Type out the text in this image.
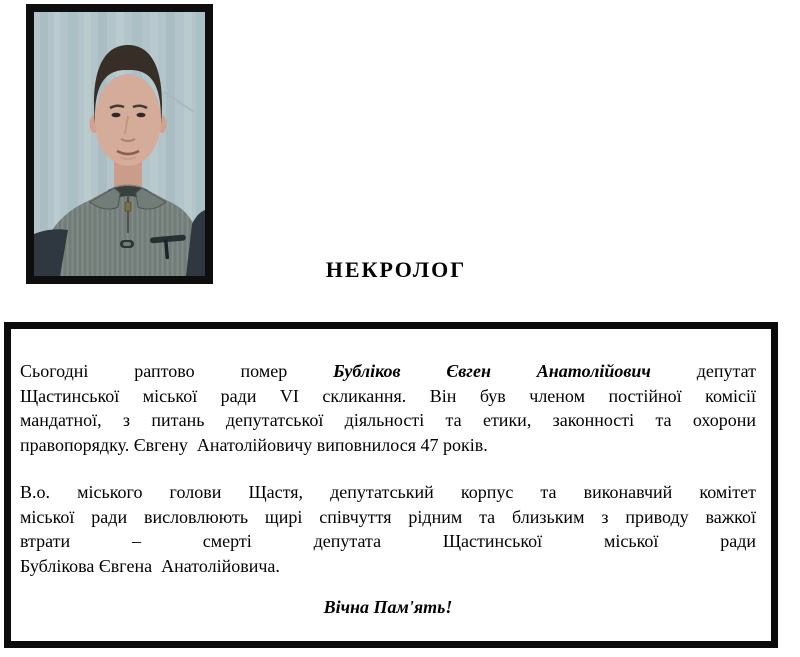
НЕКРОЛОГ
Сьогодні раптово помер	Бубліков Євген Анатолійович	депутат
Щастинської міської ради VI скликання. Він був членом постійної комісії
мандатної, з питань депутатської діяльності та етики, законності та охорони
правопорядку. Євгену  Анатолійовичу виповнилося 47 років.
В.о. міського голови Щастя, депутатський корпус та виконавчий комітет
міської ради висловлюють щирі співчуття рідним та близьким з приводу важкої
втрати – смерті депутата Щастинської міської ради
Бублікова Євгена  Анатолійовича.
Вічна Пам'ять!
